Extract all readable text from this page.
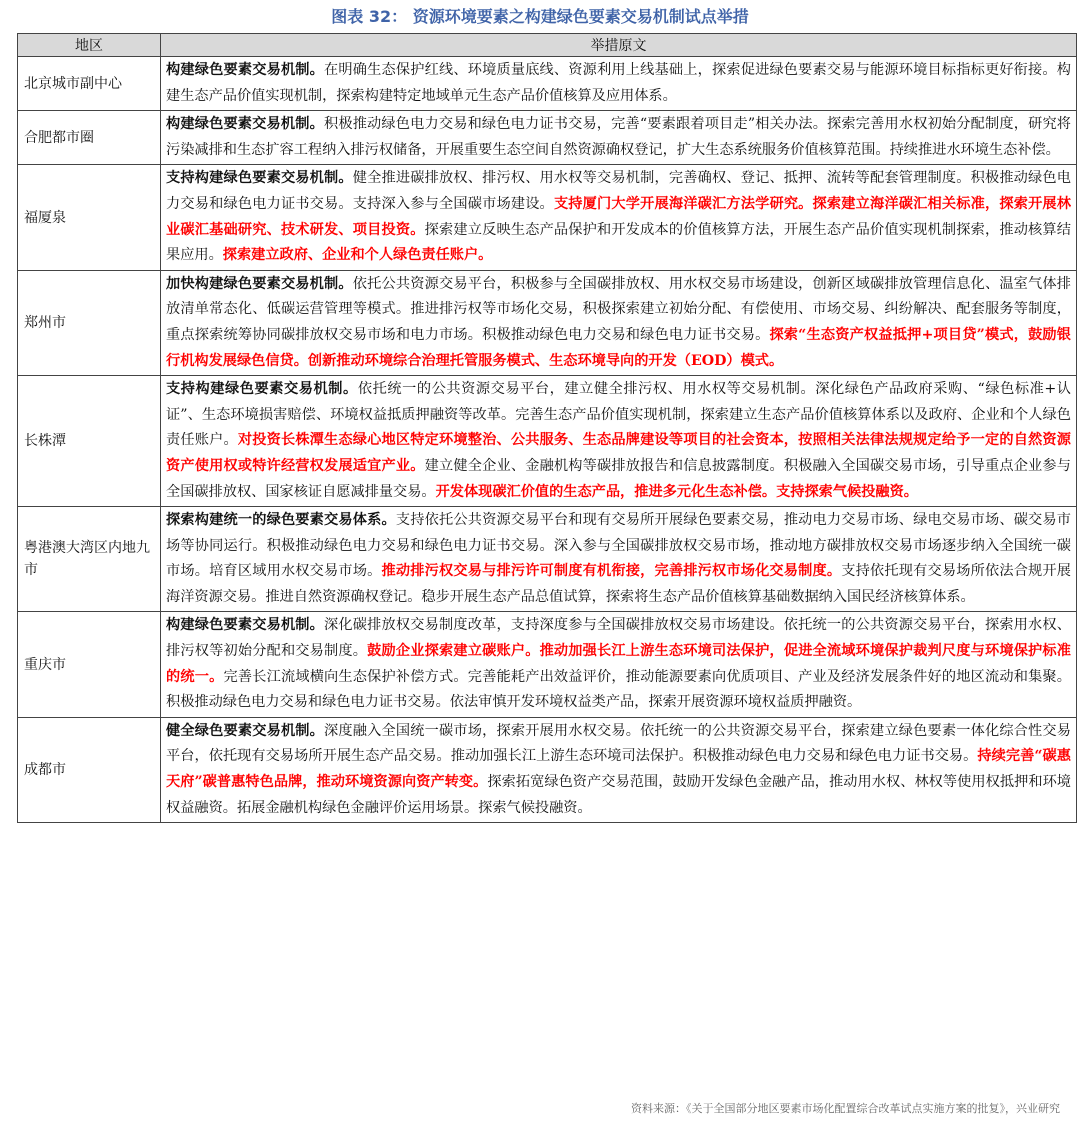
图表 32： 资源环境要素之构建绿色要素交易机制试点举措
地区	举措原文
北京城市副中心	构建绿色要素交易机制。在明确生态保护红线、环境质量底线、资源利用上线基础上，探索促进绿色要素交易与能源环境目标指标更好衔接。构建生态产品价值实现机制，探索构建特定地域单元生态产品价值核算及应用体系。
合肥都市圈	构建绿色要素交易机制。积极推动绿色电力交易和绿色电力证书交易，完善“要素跟着项目走”相关办法。探索完善用水权初始分配制度，研究将污染减排和生态扩容工程纳入排污权储备，开展重要生态空间自然资源确权登记，扩大生态系统服务价值核算范围。持续推进水环境生态补偿。
福厦泉	支持构建绿色要素交易机制。健全推进碳排放权、排污权、用水权等交易机制，完善确权、登记、抵押、流转等配套管理制度。积极推动绿色电力交易和绿色电力证书交易。支持深入参与全国碳市场建设。支持厦门大学开展海洋碳汇方法学研究。探索建立海洋碳汇相关标准，探索开展林业碳汇基础研究、技术研发、项目投资。探索建立反映生态产品保护和开发成本的价值核算方法，开展生态产品价值实现机制探索，推动核算结果应用。探索建立政府、企业和个人绿色责任账户。
郑州市	加快构建绿色要素交易机制。依托公共资源交易平台，积极参与全国碳排放权、用水权交易市场建设，创新区域碳排放管理信息化、温室气体排放清单常态化、低碳运营管理等模式。推进排污权等市场化交易，积极探索建立初始分配、有偿使用、市场交易、纠纷解决、配套服务等制度，重点探索统筹协同碳排放权交易市场和电力市场。积极推动绿色电力交易和绿色电力证书交易。探索“生态资产权益抵押+项目贷”模式，鼓励银行机构发展绿色信贷。创新推动环境综合治理托管服务模式、生态环境导向的开发（EOD）模式。
长株潭	支持构建绿色要素交易机制。依托统一的公共资源交易平台，建立健全排污权、用水权等交易机制。深化绿色产品政府采购、“绿色标准+认证”、生态环境损害赔偿、环境权益抵质押融资等改革。完善生态产品价值实现机制，探索建立生态产品价值核算体系以及政府、企业和个人绿色责任账户。对投资长株潭生态绿心地区特定环境整治、公共服务、生态品牌建设等项目的社会资本，按照相关法律法规规定给予一定的自然资源资产使用权或特许经营权发展适宜产业。建立健全企业、金融机构等碳排放报告和信息披露制度。积极融入全国碳交易市场，引导重点企业参与全国碳排放权、国家核证自愿减排量交易。开发体现碳汇价值的生态产品，推进多元化生态补偿。支持探索气候投融资。
粤港澳大湾区内地九市	探索构建统一的绿色要素交易体系。支持依托公共资源交易平台和现有交易所开展绿色要素交易，推动电力交易市场、绿电交易市场、碳交易市场等协同运行。积极推动绿色电力交易和绿色电力证书交易。深入参与全国碳排放权交易市场，推动地方碳排放权交易市场逐步纳入全国统一碳市场。培育区域用水权交易市场。推动排污权交易与排污许可制度有机衔接，完善排污权市场化交易制度。支持依托现有交易场所依法合规开展海洋资源交易。推进自然资源确权登记。稳步开展生态产品总值试算，探索将生态产品价值核算基础数据纳入国民经济核算体系。
重庆市	构建绿色要素交易机制。深化碳排放权交易制度改革，支持深度参与全国碳排放权交易市场建设。依托统一的公共资源交易平台，探索用水权、排污权等初始分配和交易制度。鼓励企业探索建立碳账户。推动加强长江上游生态环境司法保护，促进全流域环境保护裁判尺度与环境保护标准的统一。完善长江流域横向生态保护补偿方式。完善能耗产出效益评价，推动能源要素向优质项目、产业及经济发展条件好的地区流动和集聚。积极推动绿色电力交易和绿色电力证书交易。依法审慎开发环境权益类产品，探索开展资源环境权益质押融资。
成都市	健全绿色要素交易机制。深度融入全国统一碳市场，探索开展用水权交易。依托统一的公共资源交易平台，探索建立绿色要素一体化综合性交易平台，依托现有交易场所开展生态产品交易。推动加强长江上游生态环境司法保护。积极推动绿色电力交易和绿色电力证书交易。持续完善“碳惠天府”碳普惠特色品牌，推动环境资源向资产转变。探索拓宽绿色资产交易范围，鼓励开发绿色金融产品，推动用水权、林权等使用权抵押和环境权益融资。拓展金融机构绿色金融评价运用场景。探索气候投融资。
资料来源：《关于全国部分地区要素市场化配置综合改革试点实施方案的批复》，兴业研究
